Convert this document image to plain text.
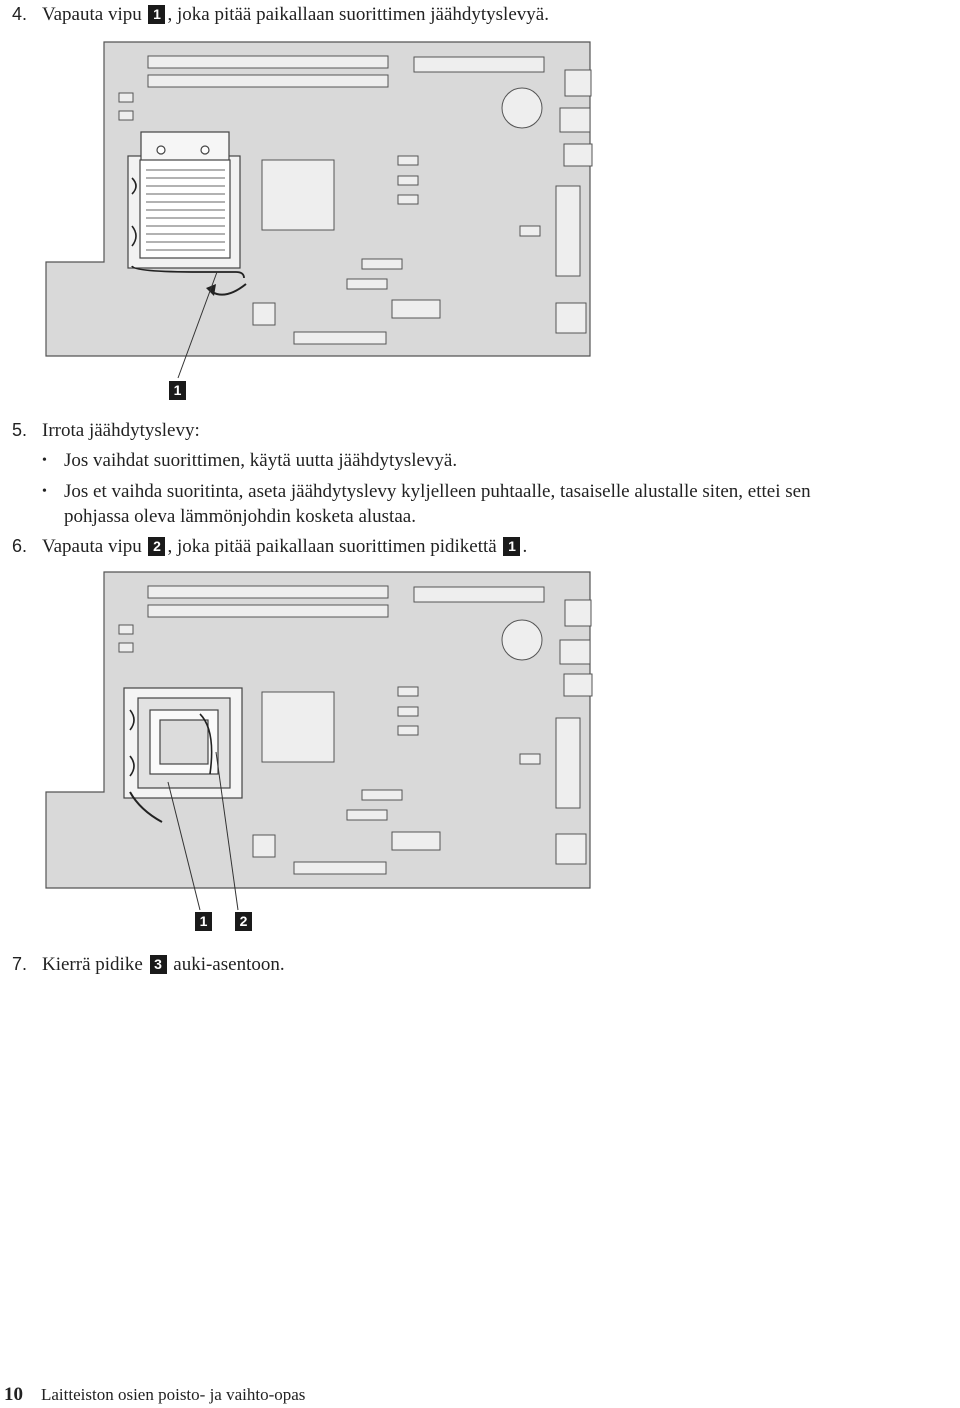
4. Vapauta vipu 1 , joka pitää paikallaan suorittimen jäähdytyslevyä.
1
5. Irrota jäähdytyslevy:
• Jos vaihdat suorittimen, käytä uutta jäähdytyslevyä.
• Jos et vaihda suoritinta, aseta jäähdytyslevy kyljelleen puhtaalle, tasaiselle alustalle siten, ettei sen
pohjassa oleva lämmönjohdin kosketa alustaa.
6. Vapauta vipu 2 , joka pitää paikallaan suorittimen pidikettä 1 .
1	2
7. Kierrä pidike 3 auki-asentoon.
10 Laitteiston osien poisto- ja vaihto-opas
